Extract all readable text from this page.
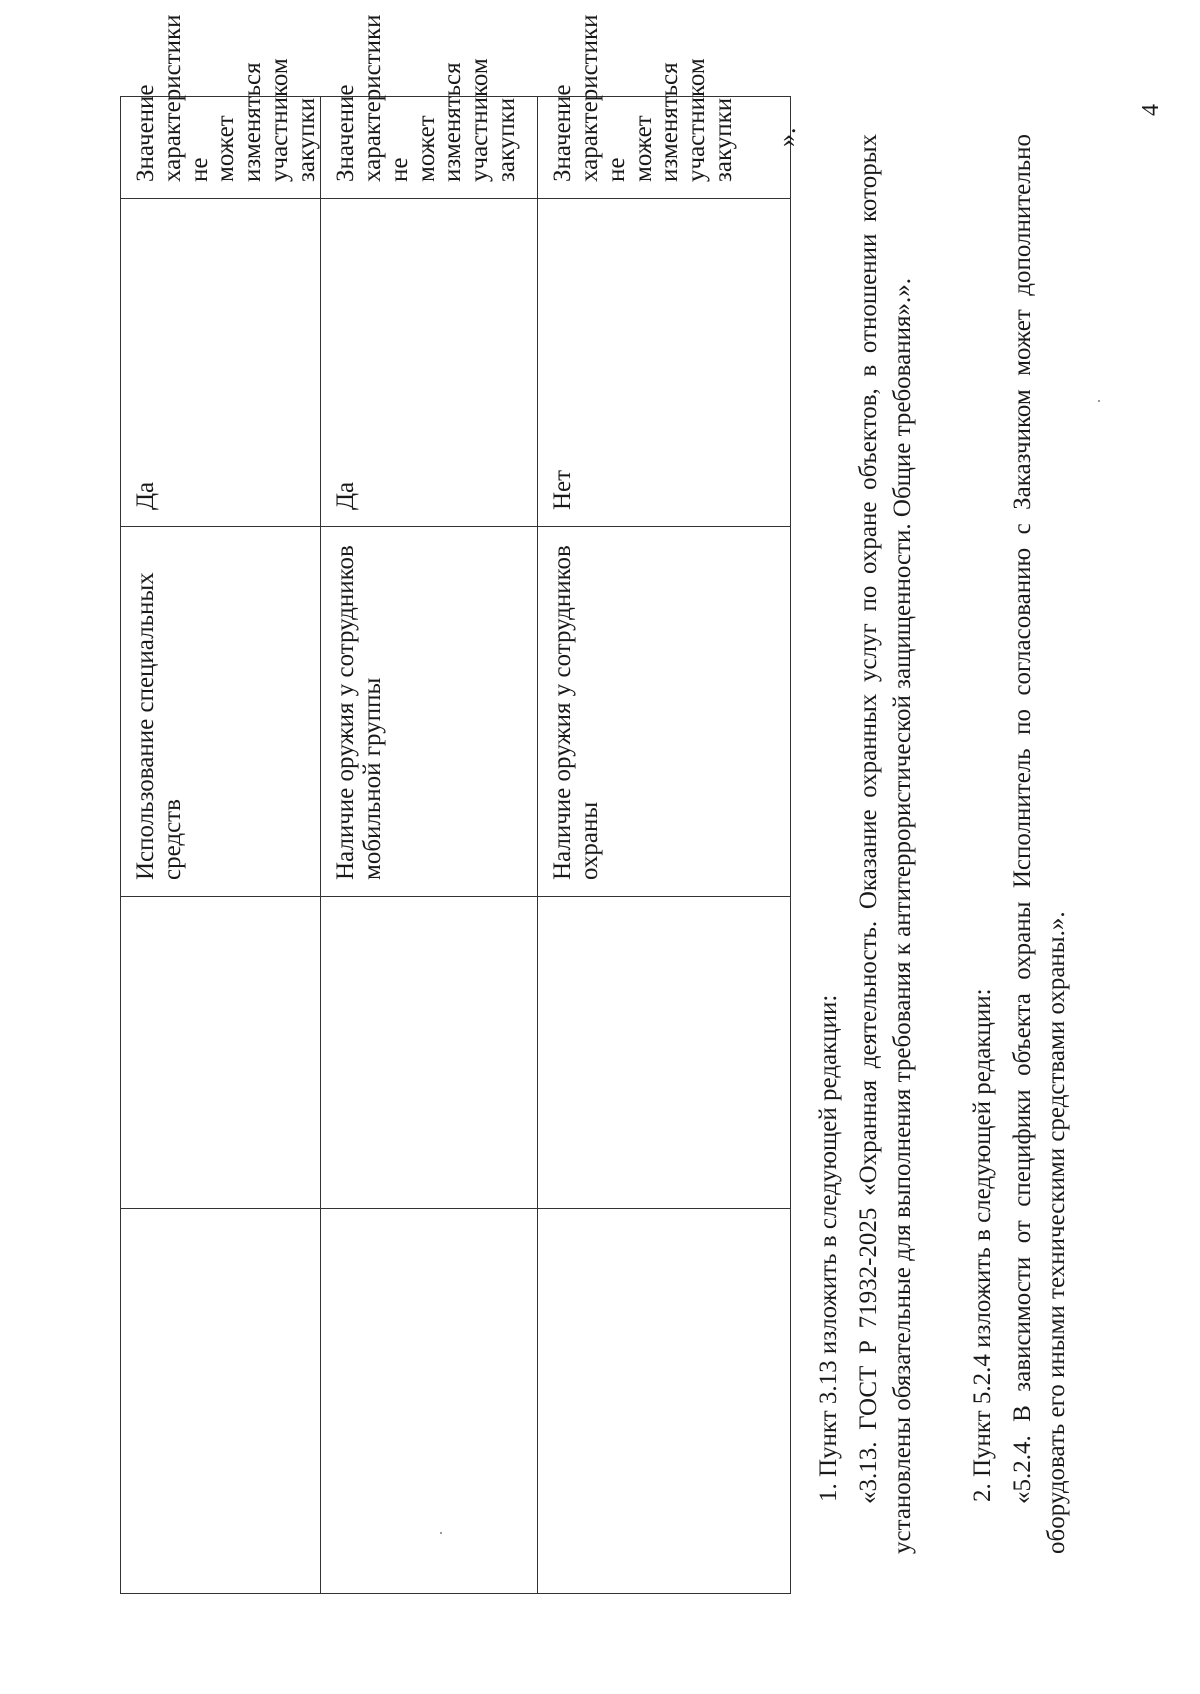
		Использование специальных средств	Да	Значение характеристики не может изменяться участником закупки
		Наличие оружия у сотрудников мобильной группы	Да	Значение характеристики не может изменяться участником закупки
		Наличие оружия у сотрудников охраны	Нет	Значение характеристики не может изменяться участником закупки ».
1. Пункт 3.13 изложить в следующей редакции: «3.13. ГОСТ Р 71932-2025 «Охранная деятельность. Оказание охранных услуг по охране объектов, в отношении которых установлены обязательные для выполнения требования к антитеррористической защищенности. Общие требования».». 2. Пункт 5.2.4 изложить в следующей редакции: «5.2.4. В зависимости от специфики объекта охраны Исполнитель по согласованию с Заказчиком может дополнительно оборудовать его иными техническими средствами охраны.».
4
